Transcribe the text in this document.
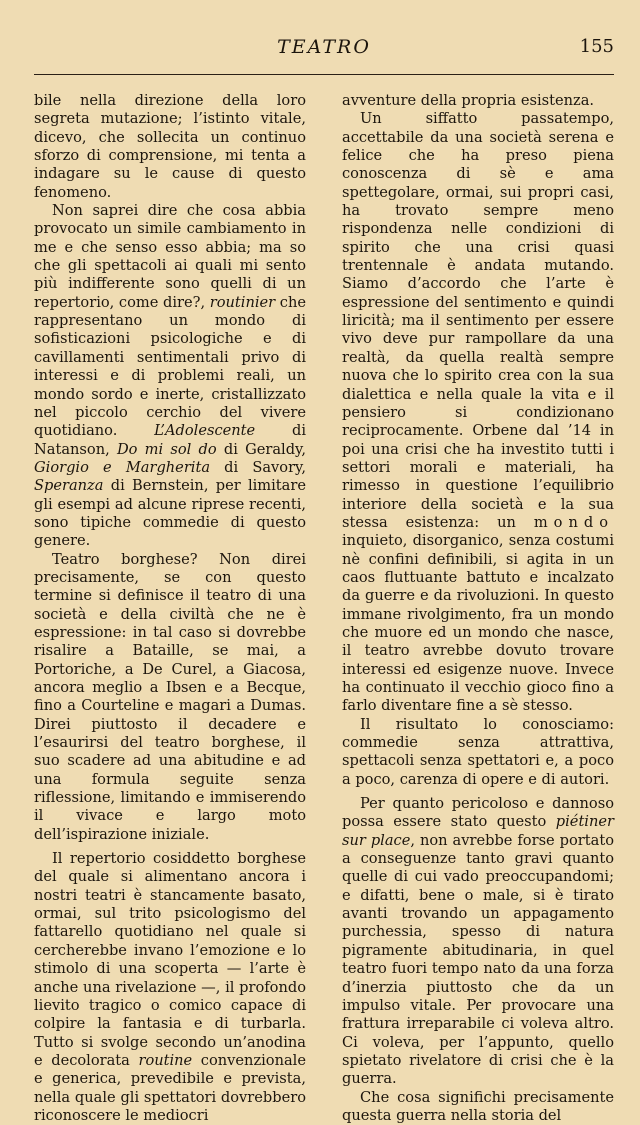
TEATRO	155

bile nella direzione della loro segreta mutazione; l’istinto vitale, dicevo, che sollecita un continuo sforzo di comprensione, mi tenta a indagare su le cause di questo fenomeno.

Non saprei dire che cosa abbia provocato un simile cambiamento in me e che senso esso abbia; ma so che gli spettacoli ai quali mi sento più indifferente sono quelli di un repertorio, come dire?, routinier che rappresentano un mondo di sofisticazioni psicologiche e di cavillamenti sentimentali privo di interessi e di problemi reali, un mondo sordo e inerte, cristallizzato nel piccolo cerchio del vivere quotidiano. L’Adolescente di Natanson, Do mi sol do di Geraldy, Giorgio e Margherita di Savory, Speranza di Bernstein, per limitare gli esempi ad alcune riprese recenti, sono tipiche commedie di questo genere.

Teatro borghese? Non direi precisamente, se con questo termine si definisce il teatro di una società e della civiltà che ne è espressione: in tal caso si dovrebbe risalire a Bataille, se mai, a Portoriche, a De Curel, a Giacosa, ancora meglio a Ibsen e a Becque, fino a Courteline e magari a Dumas. Direi piuttosto il decadere e l’esaurirsi del teatro borghese, il suo scadere ad una abitudine e ad una formula seguite senza riflessione, limitando e immiserendo il vivace e largo moto dell’ispirazione iniziale.

Il repertorio cosiddetto borghese del quale si alimentano ancora i nostri teatri è stancamente basato, ormai, sul trito psicologismo del fattarello quotidiano nel quale si cercherebbe invano l’emozione e lo stimolo di una scoperta — l’arte è anche una rivelazione —, il profondo lievito tragico o comico capace di colpire la fantasia e di turbarla. Tutto si svolge secondo un’anodina e decolorata routine convenzionale e generica, prevedibile e prevista, nella quale gli spettatori dovrebbero riconoscere le mediocri

avventure della propria esistenza.

Un siffatto passatempo, accettabile da una società serena e felice che ha preso piena conoscenza di sè e ama spettegolare, ormai, sui propri casi, ha trovato sempre meno rispondenza nelle condizioni di spirito che una crisi quasi trentennale è andata mutando. Siamo d’accordo che l’arte è espressione del sentimento e quindi liricità; ma il sentimento per essere vivo deve pur rampollare da una realtà, da quella realtà sempre nuova che lo spirito crea con la sua dialettica e nella quale la vita e il pensiero si condizionano reciprocamente. Orbene dal ’14 in poi una crisi che ha investito tutti i settori morali e materiali, ha rimesso in questione l’equilibrio interiore della società e la sua stessa esistenza: un mondo inquieto, disorganico, senza costumi nè confini definibili, si agita in un caos fluttuante battuto e incalzato da guerre e da rivoluzioni. In questo immane rivolgimento, fra un mondo che muore ed un mondo che nasce, il teatro avrebbe dovuto trovare interessi ed esigenze nuove. Invece ha continuato il vecchio gioco fino a farlo diventare fine a sè stesso.

Il risultato lo conosciamo: commedie senza attrattiva, spettacoli senza spettatori e, a poco a poco, carenza di opere e di autori.

Per quanto pericoloso e dannoso possa essere stato questo piétiner sur place, non avrebbe forse portato a conseguenze tanto gravi quanto quelle di cui vado preoccupandomi; e difatti, bene o male, si è tirato avanti trovando un appagamento purchessia, spesso di natura pigramente abitudinaria, in quel teatro fuori tempo nato da una forza d’inerzia piuttosto che da un impulso vitale. Per provocare una frattura irreparabile ci voleva altro. Ci voleva, per l’appunto, quello spietato rivelatore di crisi che è la guerra.

Che cosa significhi precisamente questa guerra nella storia del
